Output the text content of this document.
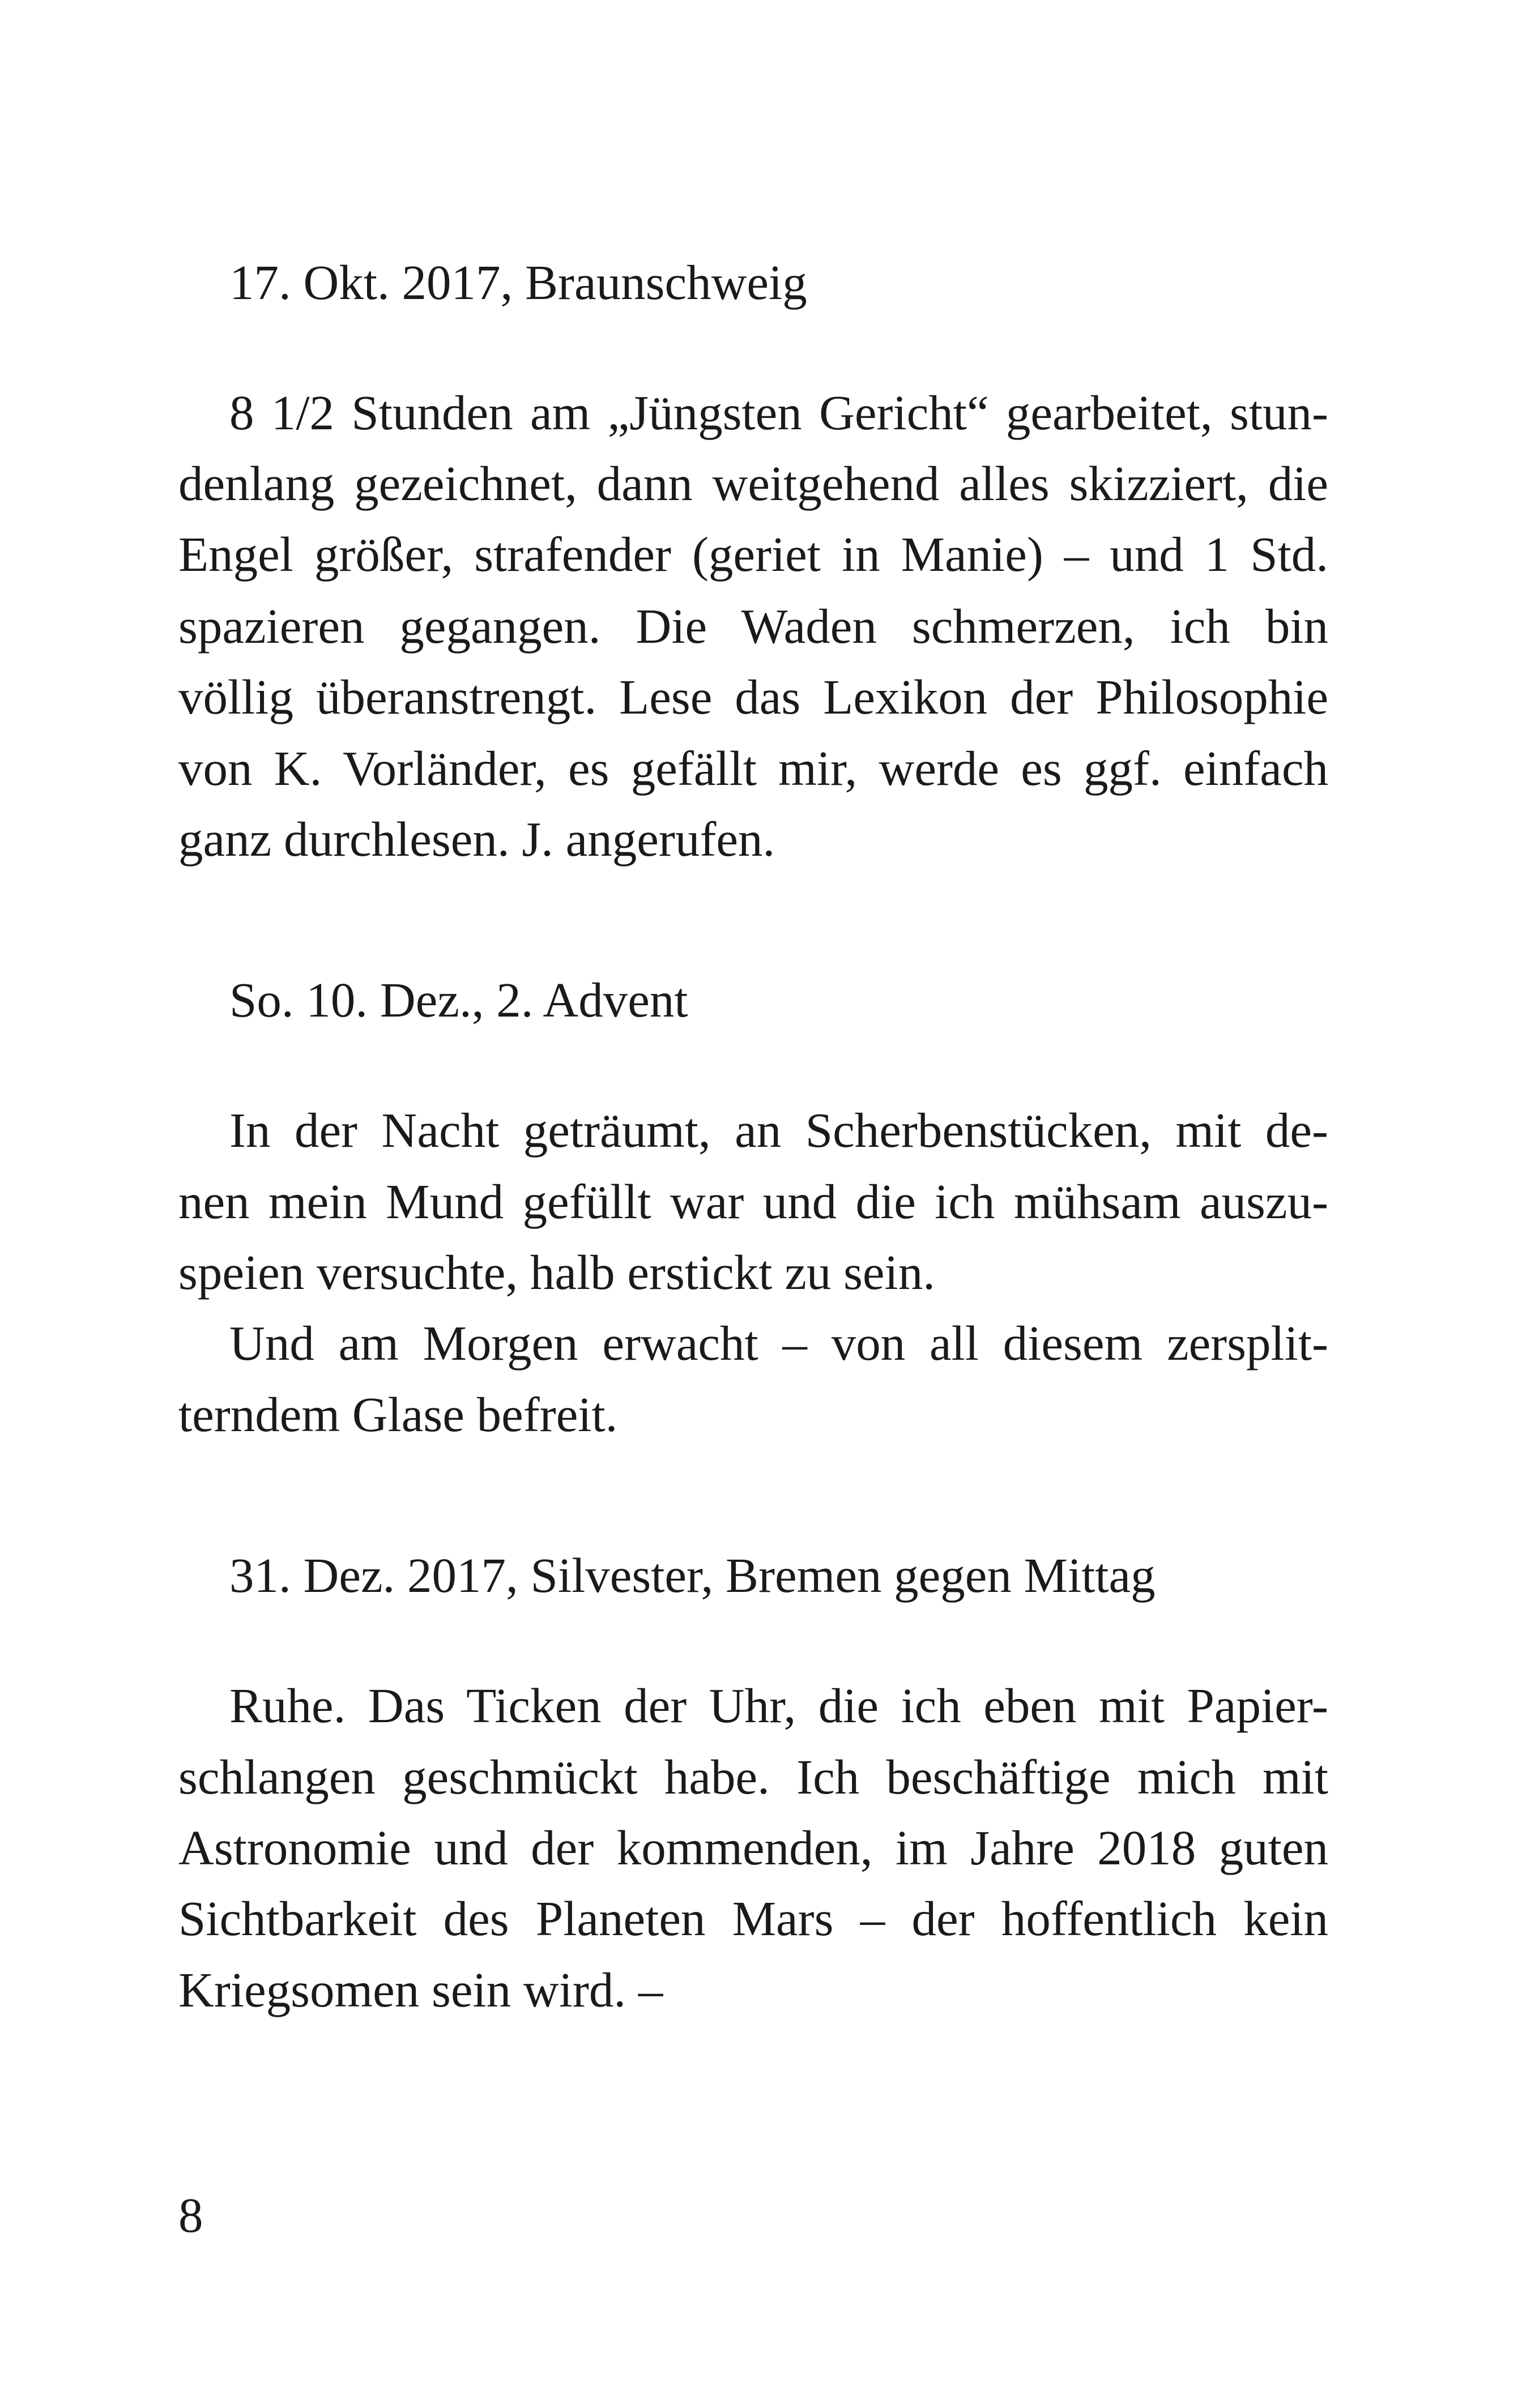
17. Okt. 2017, Braunschweig
8 1/2 Stunden am „Jüngsten Gericht“ gearbeitet, stun-
denlang gezeichnet, dann weitgehend alles skizziert, die
Engel größer, strafender (geriet in Manie) – und 1 Std.
spazieren gegangen. Die Waden schmerzen, ich bin
völlig überanstrengt. Lese das Lexikon der Philosophie
von K. Vorländer, es gefällt mir, werde es ggf. einfach
ganz durchlesen. J. angerufen.
So. 10. Dez., 2. Advent
In der Nacht geträumt, an Scherbenstücken, mit de-
nen mein Mund gefüllt war und die ich mühsam auszu-
speien versuchte, halb erstickt zu sein.
Und am Morgen erwacht – von all diesem zersplit-
terndem Glase befreit.
31. Dez. 2017, Silvester, Bremen gegen Mittag
Ruhe. Das Ticken der Uhr, die ich eben mit Papier-
schlangen geschmückt habe. Ich beschäftige mich mit
Astronomie und der kommenden, im Jahre 2018 guten
Sichtbarkeit des Planeten Mars – der hoffentlich kein
Kriegsomen sein wird. –
8
